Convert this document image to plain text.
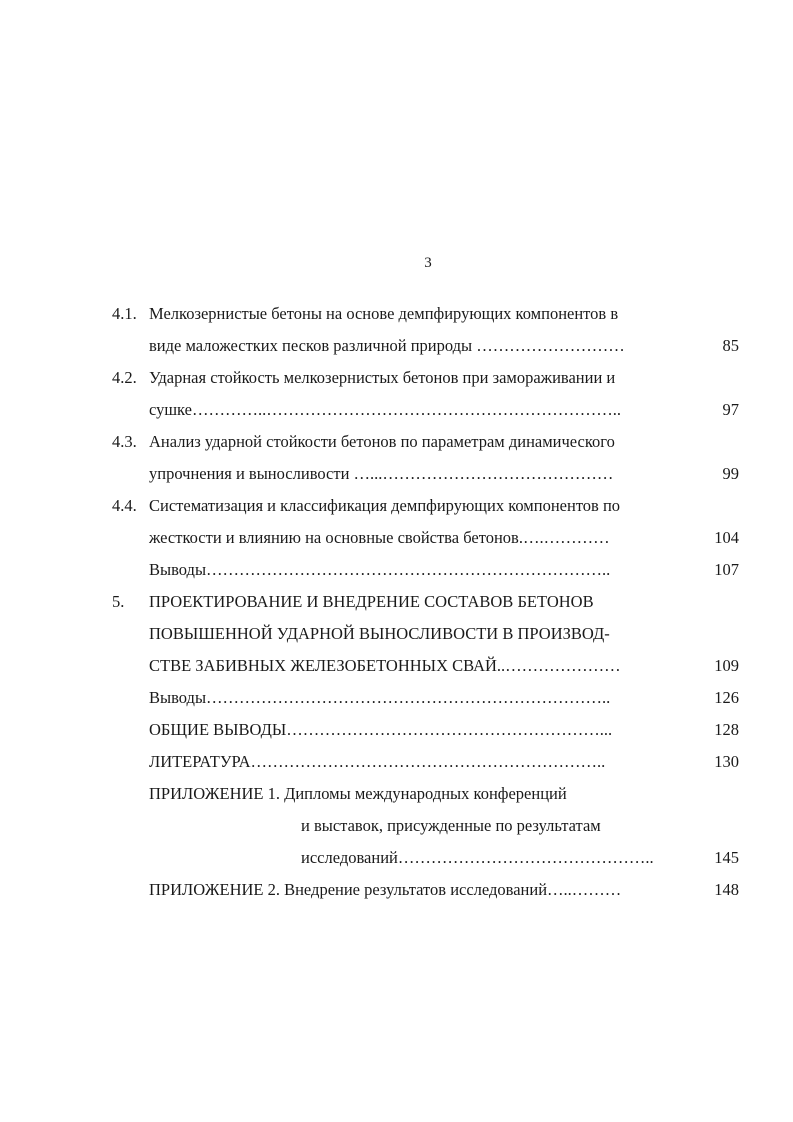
3
4.1. Мелкозернистые бетоны на основе демпфирующих компонентов в
виде маложестких песков различной природы ………………………	85
4.2. Ударная стойкость мелкозернистых бетонов при замораживании и
сушке…………..………………………………………………………..	97
4.3. Анализ ударной стойкости бетонов по параметрам динамического
упрочнения и выносливости …...……………………………………	99
4.4. Систематизация и классификация демпфирующих компонентов по
жесткости и влиянию на основные свойства бетонов.….…………	104
Выводы………………………………………………………………..	107
5. ПРОЕКТИРОВАНИЕ И ВНЕДРЕНИЕ СОСТАВОВ БЕТОНОВ
ПОВЫШЕННОЙ УДАРНОЙ ВЫНОСЛИВОСТИ В ПРОИЗВОД-
СТВЕ ЗАБИВНЫХ ЖЕЛЕЗОБЕТОННЫХ СВАЙ..…………………	109
Выводы………………………………………………………………..	126
ОБЩИЕ ВЫВОДЫ…………………………………………………...	128
ЛИТЕРАТУРА………………………………………………………..	130
ПРИЛОЖЕНИЕ 1. Дипломы международных конференций
и выставок, присужденные по результатам
исследований………………………………………..	145
ПРИЛОЖЕНИЕ 2. Внедрение результатов исследований…..………	148
